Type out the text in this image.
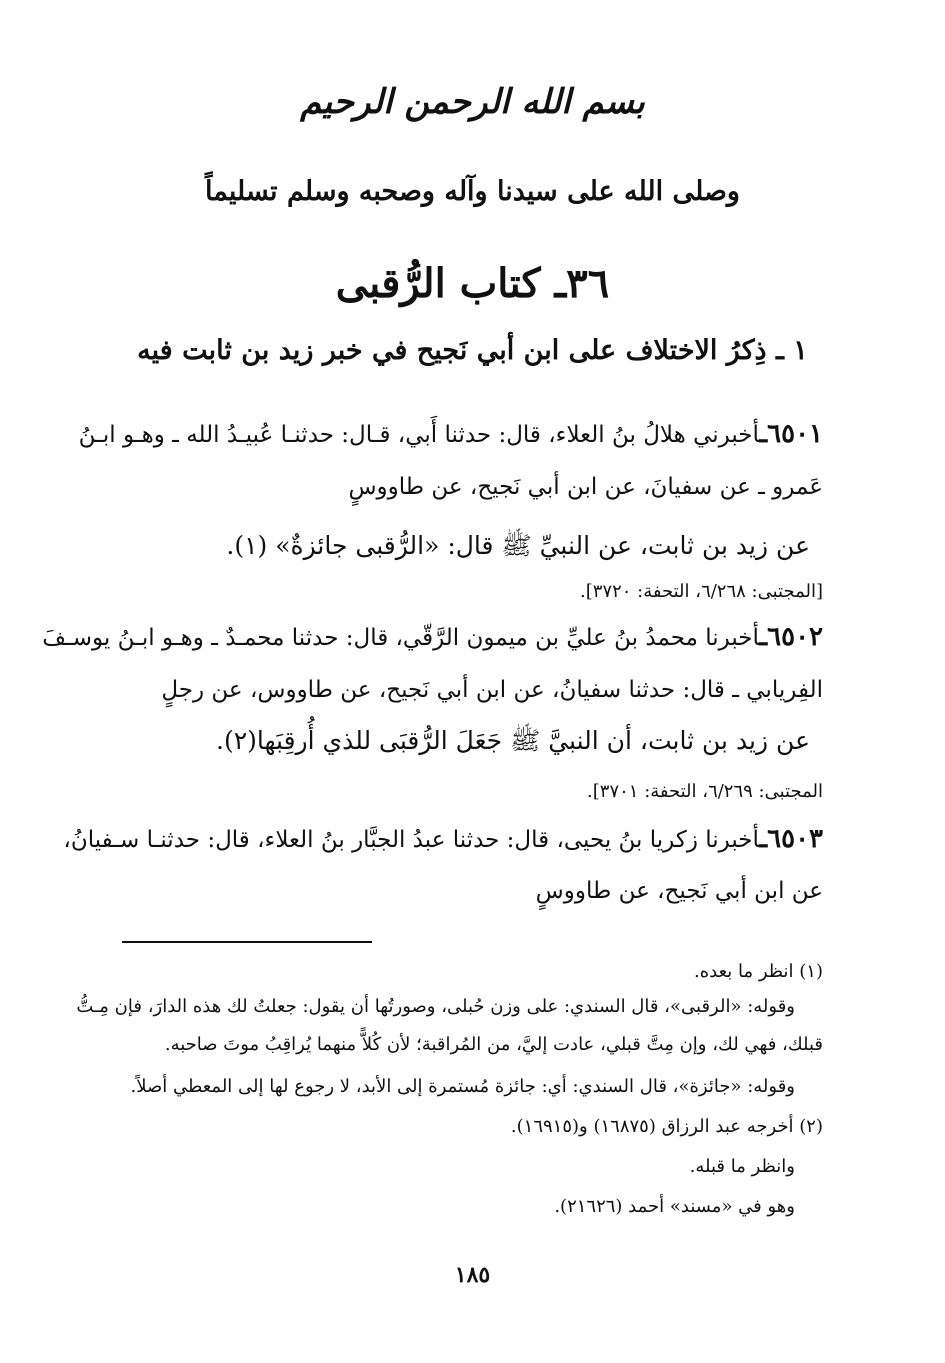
بسم الله الرحمن الرحيم
وصلى الله على سيدنا وآله وصحبه وسلم تسليماً
٣٦ـ كتاب الرُّقبى
١ ـ ذِكرُ الاختلاف على ابن أبي نَجيح في خبر زيد بن ثابت فيه
٦٥٠١ـأخبرني هلالُ بنُ العلاء، قال: حدثنا أَبي، قـال: حدثنـا عُبيـدُ الله ـ وهـو ابـنُ
عَمرو ـ عن سفيانَ، عن ابن أبي نَجيح، عن طاووسٍ
عن زيد بن ثابت، عن النبيِّ ﷺ قال: «الرُّقبى جائزةٌ» (١).
[المجتبى: ٦/٢٦٨، التحفة: ٣٧٢٠].
٦٥٠٢ـأخبرنا محمدُ بنُ عليِّ بن ميمون الرَّقّي، قال: حدثنا محمـدٌ ـ وهـو ابـنُ يوسـفَ
الفِريابي ـ قال: حدثنا سفيانُ، عن ابن أبي نَجيح، عن طاووس، عن رجلٍ
عن زيد بن ثابت، أن النبيَّ ﷺ جَعَلَ الرُّقبَى للذي أُرقِبَها(٢).
المجتبى: ٦/٢٦٩، التحفة: ٣٧٠١].
٦٥٠٣ـأخبرنا زكريا بنُ يحيى، قال: حدثنا عبدُ الجبَّار بنُ العلاء، قال: حدثنـا سـفيانُ،
عن ابن أبي نَجيح، عن طاووسٍ
(١) انظر ما بعده.
وقوله: «الرقبى»، قال السندي: على وزن حُبلى، وصورتُها أن يقول: جعلتُ لك هذه الدارَ، فإن مِـتُّ
قبلك، فهي لك، وإن مِتَّ قبلي، عادت إليَّ، من المُراقبة؛ لأن كُلاًّ منهما يُراقِبُ موتَ صاحبه.
وقوله: «جائزة»، قال السندي: أي: جائزة مُستمرة إلى الأبد، لا رجوع لها إلى المعطي أصلاً.
(٢) أخرجه عبد الرزاق (١٦٨٧٥) و(١٦٩١٥).
وانظر ما قبله.
وهو في «مسند» أحمد (٢١٦٢٦).
١٨٥
